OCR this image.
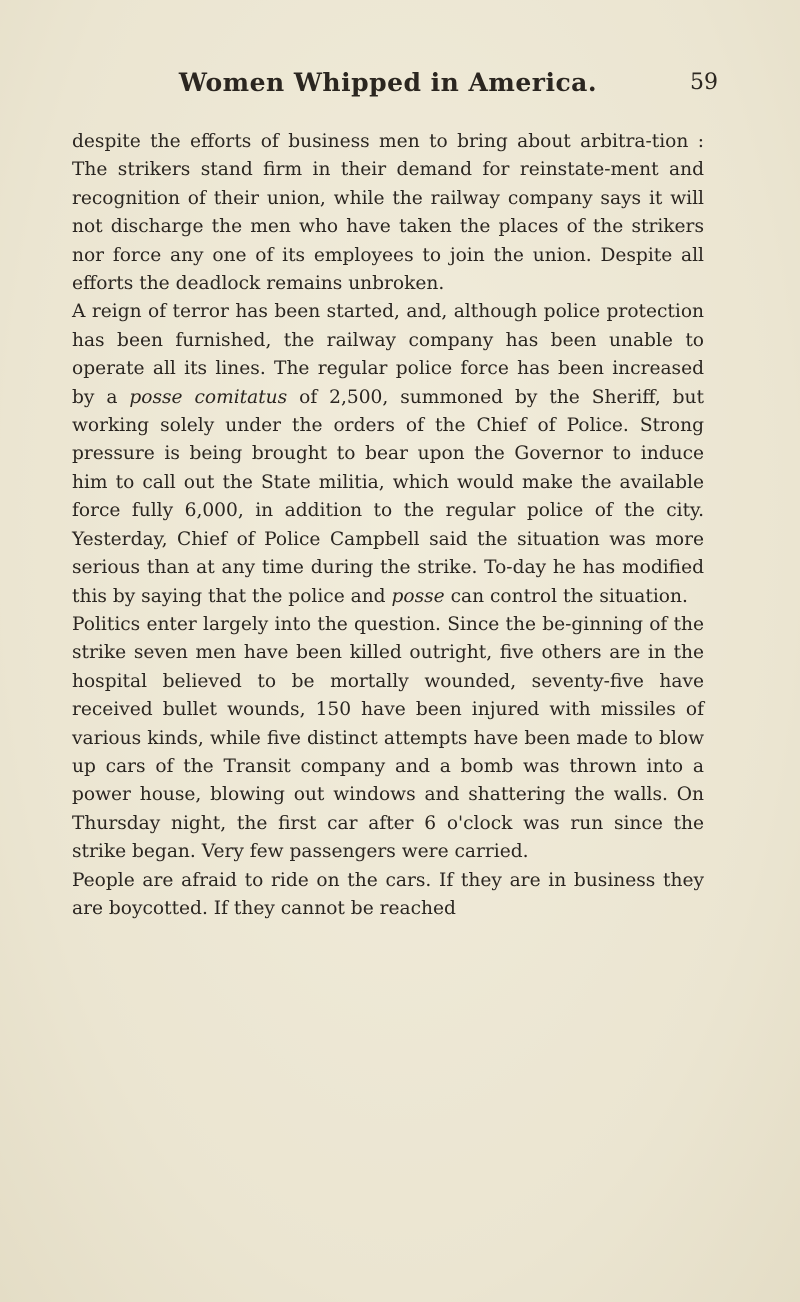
Women Whipped in America.	59

despite the efforts of business men to bring about arbitra-tion : The strikers stand firm in their demand for reinstate-ment and recognition of their union, while the railway company says it will not discharge the men who have taken the places of the strikers nor force any one of its employees to join the union. Despite all efforts the deadlock remains unbroken.

A reign of terror has been started, and, although police protection has been furnished, the railway company has been unable to operate all its lines. The regular police force has been increased by a posse comitatus of 2,500, summoned by the Sheriff, but working solely under the orders of the Chief of Police. Strong pressure is being brought to bear upon the Governor to induce him to call out the State militia, which would make the available force fully 6,000, in addition to the regular police of the city. Yesterday, Chief of Police Campbell said the situation was more serious than at any time during the strike. To-day he has modified this by saying that the police and posse can control the situation.

Politics enter largely into the question. Since the be-ginning of the strike seven men have been killed outright, five others are in the hospital believed to be mortally wounded, seventy-five have received bullet wounds, 150 have been injured with missiles of various kinds, while five distinct attempts have been made to blow up cars of the Transit company and a bomb was thrown into a power house, blowing out windows and shattering the walls. On Thursday night, the first car after 6 o'clock was run since the strike began. Very few passengers were carried.

People are afraid to ride on the cars. If they are in business they are boycotted. If they cannot be reached
